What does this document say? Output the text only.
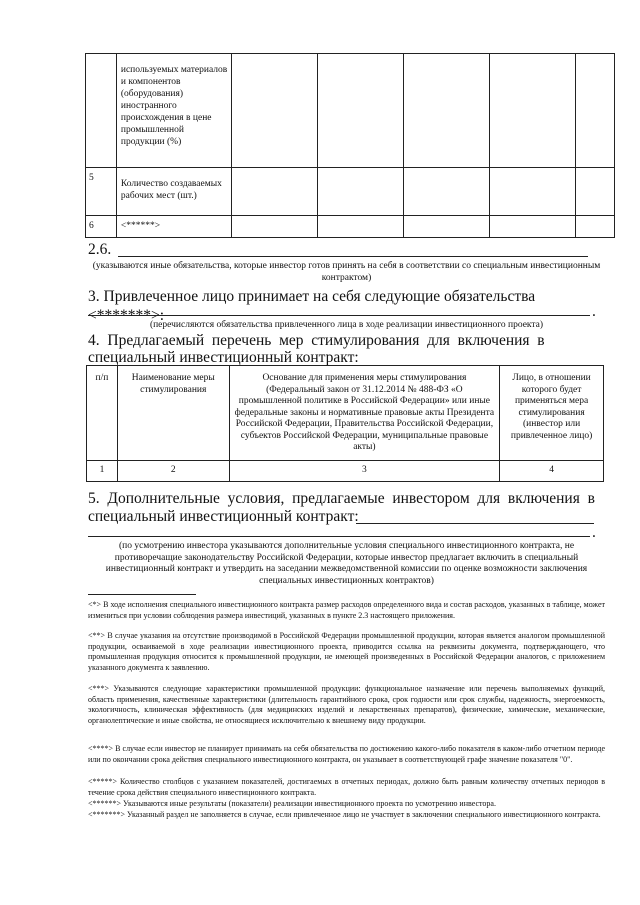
	используемых материалов и компонентов (оборудования) иностранного происхождения в цене промышленной продукции (%)					
5	Количество создаваемых рабочих мест (шт.)					
6	<******>					
2.6.
(указываются иные обязательства, которые инвестор готов принять на себя в соответствии со специальным инвестиционным контрактом)
3. Привлеченное лицо принимает на себя следующие обязательства <*******>:	.
(перечисляются обязательства привлеченного лица в ходе реализации инвестиционного проекта)
4.  Предлагаемый  перечень  мер  стимулирования  для  включения  в
специальный инвестиционный контракт:
п/п	Наименование меры стимулирования	Основание для применения меры стимулирования (Федеральный закон от 31.12.2014 № 488-ФЗ «О промышленной политике в Российской Федерации» или иные федеральные законы и нормативные правовые акты Президента Российской Федерации, Правительства Российской Федерации, субъектов Российской Федерации, муниципальные правовые акты)	Лицо, в отношении которого будет применяться мера стимулирования (инвестор или привлеченное лицо)
1	2	3	4
5.  Дополнительные  условия,  предлагаемые  инвестором  для  включения  в
специальный инвестиционный контракт:
.
(по усмотрению инвестора указываются дополнительные условия специального инвестиционного контракта, не противоречащие законодательству Российской Федерации, которые инвестор предлагает включить в специальный инвестиционный контракт и утвердить на заседании межведомственной комиссии по оценке возможности заключения специальных инвестиционных контрактов)
<*> В ходе исполнения специального инвестиционного контракта размер расходов определенного вида и состав расходов, указанных в таблице, может измениться при условии соблюдения размера инвестиций, указанных в пункте 2.3 настоящего приложения.
<**> В случае указания на отсутствие производимой в Российской Федерации промышленной продукции, которая является аналогом промышленной продукции, осваиваемой в ходе реализации инвестиционного проекта, приводится ссылка на реквизиты документа, подтверждающего, что промышленная продукция относится к промышленной продукции, не имеющей произведенных в Российской Федерации аналогов, с приложением указанного документа к заявлению.
<***> Указываются следующие характеристики промышленной продукции: функциональное назначение или перечень выполняемых функций, область применения, качественные характеристики (длительность гарантийного срока, срок годности или срок службы, надежность, энергоемкость, экологичность, клиническая эффективность (для медицинских изделий и лекарственных препаратов), физические, химические, механические, органолептические и иные свойства, не относящиеся исключительно к внешнему виду продукции.
<****> В случае если инвестор не планирует принимать на себя обязательства по достижению какого-либо показателя в каком-либо отчетном периоде или по окончании срока действия специального инвестиционного контракта, он указывает в соответствующей графе значение показателя "0".
<*****> Количество столбцов с указанием показателей, достигаемых в отчетных периодах, должно быть равным количеству отчетных периодов в течение срока действия специального инвестиционного контракта.
<******> Указываются иные результаты (показатели) реализации инвестиционного проекта по усмотрению инвестора.
<*******> Указанный раздел не заполняется в случае, если привлеченное лицо не участвует в заключении специального инвестиционного контракта.
